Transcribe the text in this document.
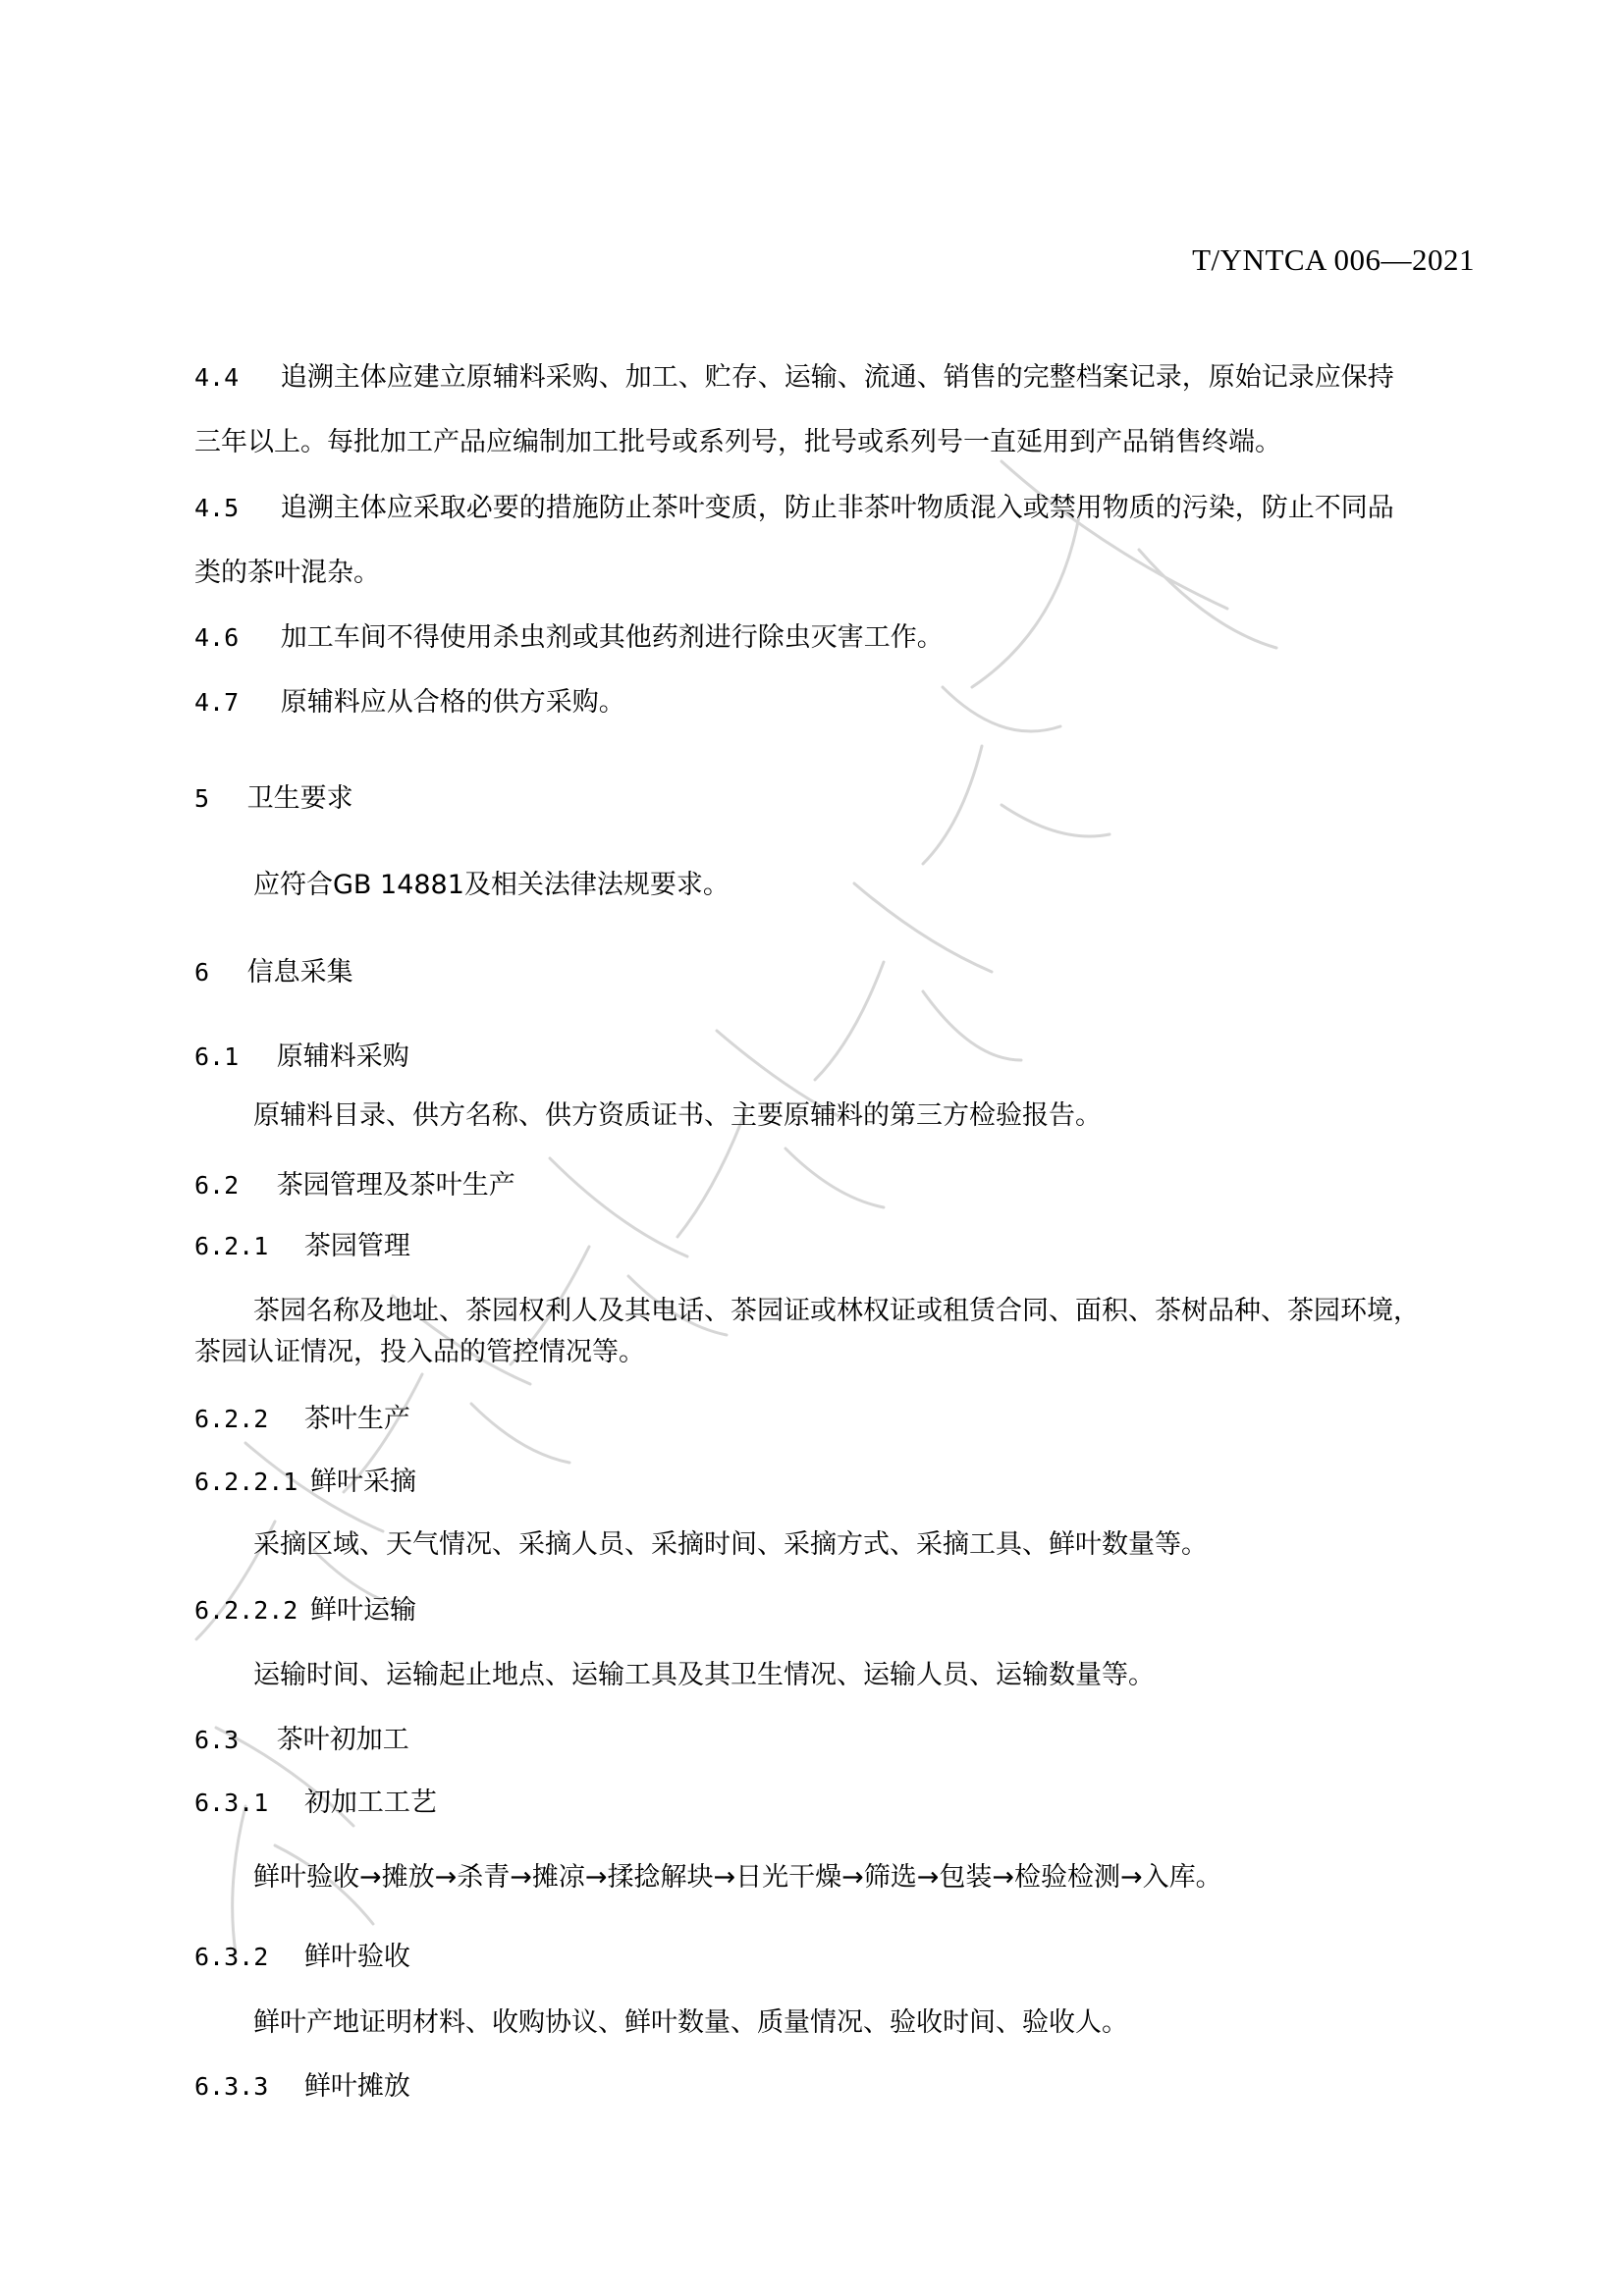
T/YNTCA 006—2021
4.4 追溯主体应建立原辅料采购、加工、贮存、运输、流通、销售的完整档案记录，原始记录应保持
三年以上。每批加工产品应编制加工批号或系列号，批号或系列号一直延用到产品销售终端。
4.5 追溯主体应采取必要的措施防止茶叶变质，防止非茶叶物质混入或禁用物质的污染，防止不同品
类的茶叶混杂。
4.6 加工车间不得使用杀虫剂或其他药剂进行除虫灭害工作。
4.7 原辅料应从合格的供方采购。
5 卫生要求
应符合GB 14881及相关法律法规要求。
6 信息采集
6.1 原辅料采购
原辅料目录、供方名称、供方资质证书、主要原辅料的第三方检验报告。
6.2 茶园管理及茶叶生产
6.2.1 茶园管理
茶园名称及地址、茶园权利人及其电话、茶园证或林权证或租赁合同、面积、茶树品种、茶园环境，
茶园认证情况，投入品的管控情况等。
6.2.2 茶叶生产
6.2.2.1 鲜叶采摘
采摘区域、天气情况、采摘人员、采摘时间、采摘方式、采摘工具、鲜叶数量等。
6.2.2.2 鲜叶运输
运输时间、运输起止地点、运输工具及其卫生情况、运输人员、运输数量等。
6.3 茶叶初加工
6.3.1 初加工工艺
鲜叶验收→摊放→杀青→摊凉→揉捻解块→日光干燥→筛选→包装→检验检测→入库。
6.3.2 鲜叶验收
鲜叶产地证明材料、收购协议、鲜叶数量、质量情况、验收时间、验收人。
6.3.3 鲜叶摊放
